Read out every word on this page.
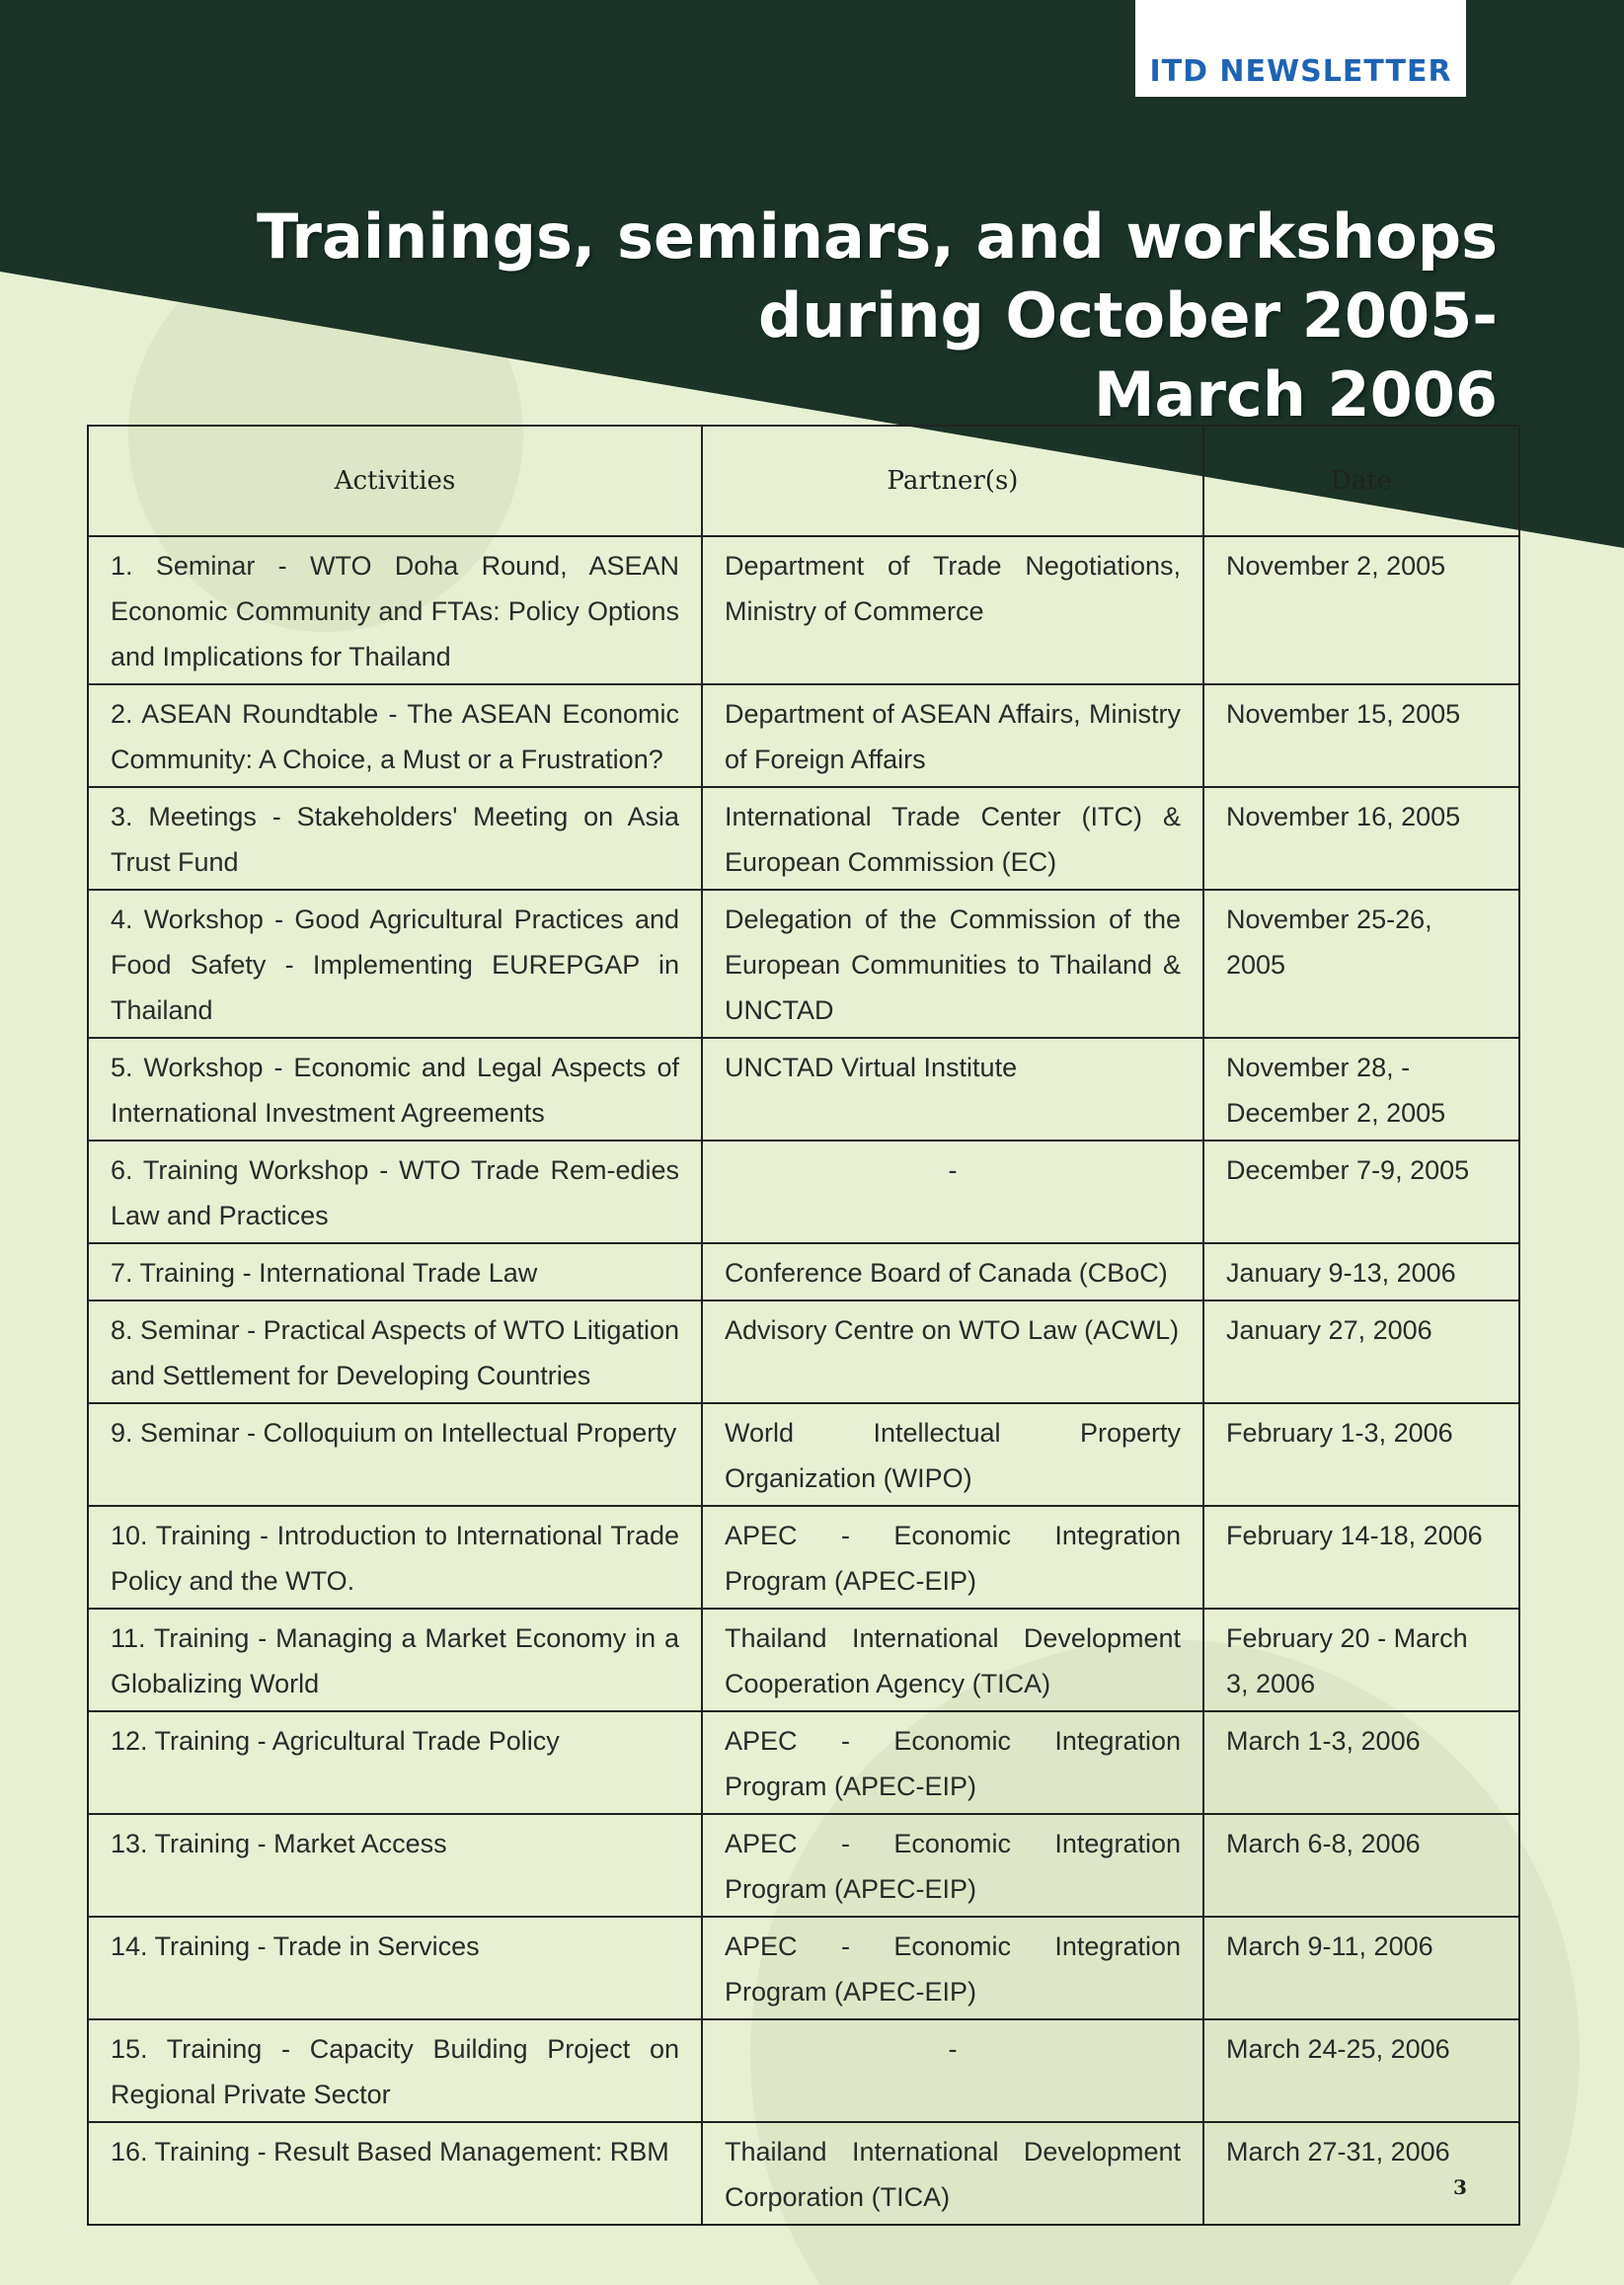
ITD NEWSLETTER
Trainings, seminars, and workshops
during October 2005-
March 2006
Activities	Partner(s)	Date
1. Seminar - WTO Doha Round, ASEAN Economic Community and FTAs: Policy Options and Implications for Thailand	Department of Trade Negotiations, Ministry of Commerce	November 2, 2005
2. ASEAN Roundtable - The ASEAN Economic Community: A Choice, a Must or a Frustration?	Department of ASEAN Affairs, Ministry of Foreign Affairs	November 15, 2005
3. Meetings - Stakeholders' Meeting on Asia Trust Fund	International Trade Center (ITC) & European Commission (EC)	November 16, 2005
4. Workshop - Good Agricultural Practices and Food Safety - Implementing EUREPGAP in Thailand	Delegation of the Commission of the European Communities to Thailand & UNCTAD	November 25-26, 2005
5. Workshop - Economic and Legal Aspects of International Investment Agreements	UNCTAD Virtual Institute	November 28, - December 2, 2005
6. Training Workshop - WTO Trade Rem-edies Law and Practices	-	December 7-9, 2005
7. Training - International Trade Law	Conference Board of Canada (CBoC)	January 9-13, 2006
8. Seminar - Practical Aspects of WTO Litigation and Settlement for Developing Countries	Advisory Centre on WTO Law (ACWL)	January 27, 2006
9. Seminar - Colloquium on Intellectual Property	World Intellectual Property Organization (WIPO)	February 1-3, 2006
10. Training - Introduction to International Trade Policy and the WTO.	APEC - Economic Integration Program (APEC-EIP)	February 14-18, 2006
11. Training - Managing a Market Economy in a Globalizing World	Thailand International Development Cooperation Agency (TICA)	February 20 - March 3, 2006
12. Training - Agricultural Trade Policy	APEC - Economic Integration Program (APEC-EIP)	March 1-3, 2006
13. Training - Market Access	APEC - Economic Integration Program (APEC-EIP)	March 6-8, 2006
14. Training - Trade in Services	APEC - Economic Integration Program (APEC-EIP)	March 9-11, 2006
15. Training - Capacity Building Project on Regional Private Sector	-	March 24-25, 2006
16. Training - Result Based Management: RBM	Thailand International Development Corporation (TICA)	March 27-31, 2006
3
